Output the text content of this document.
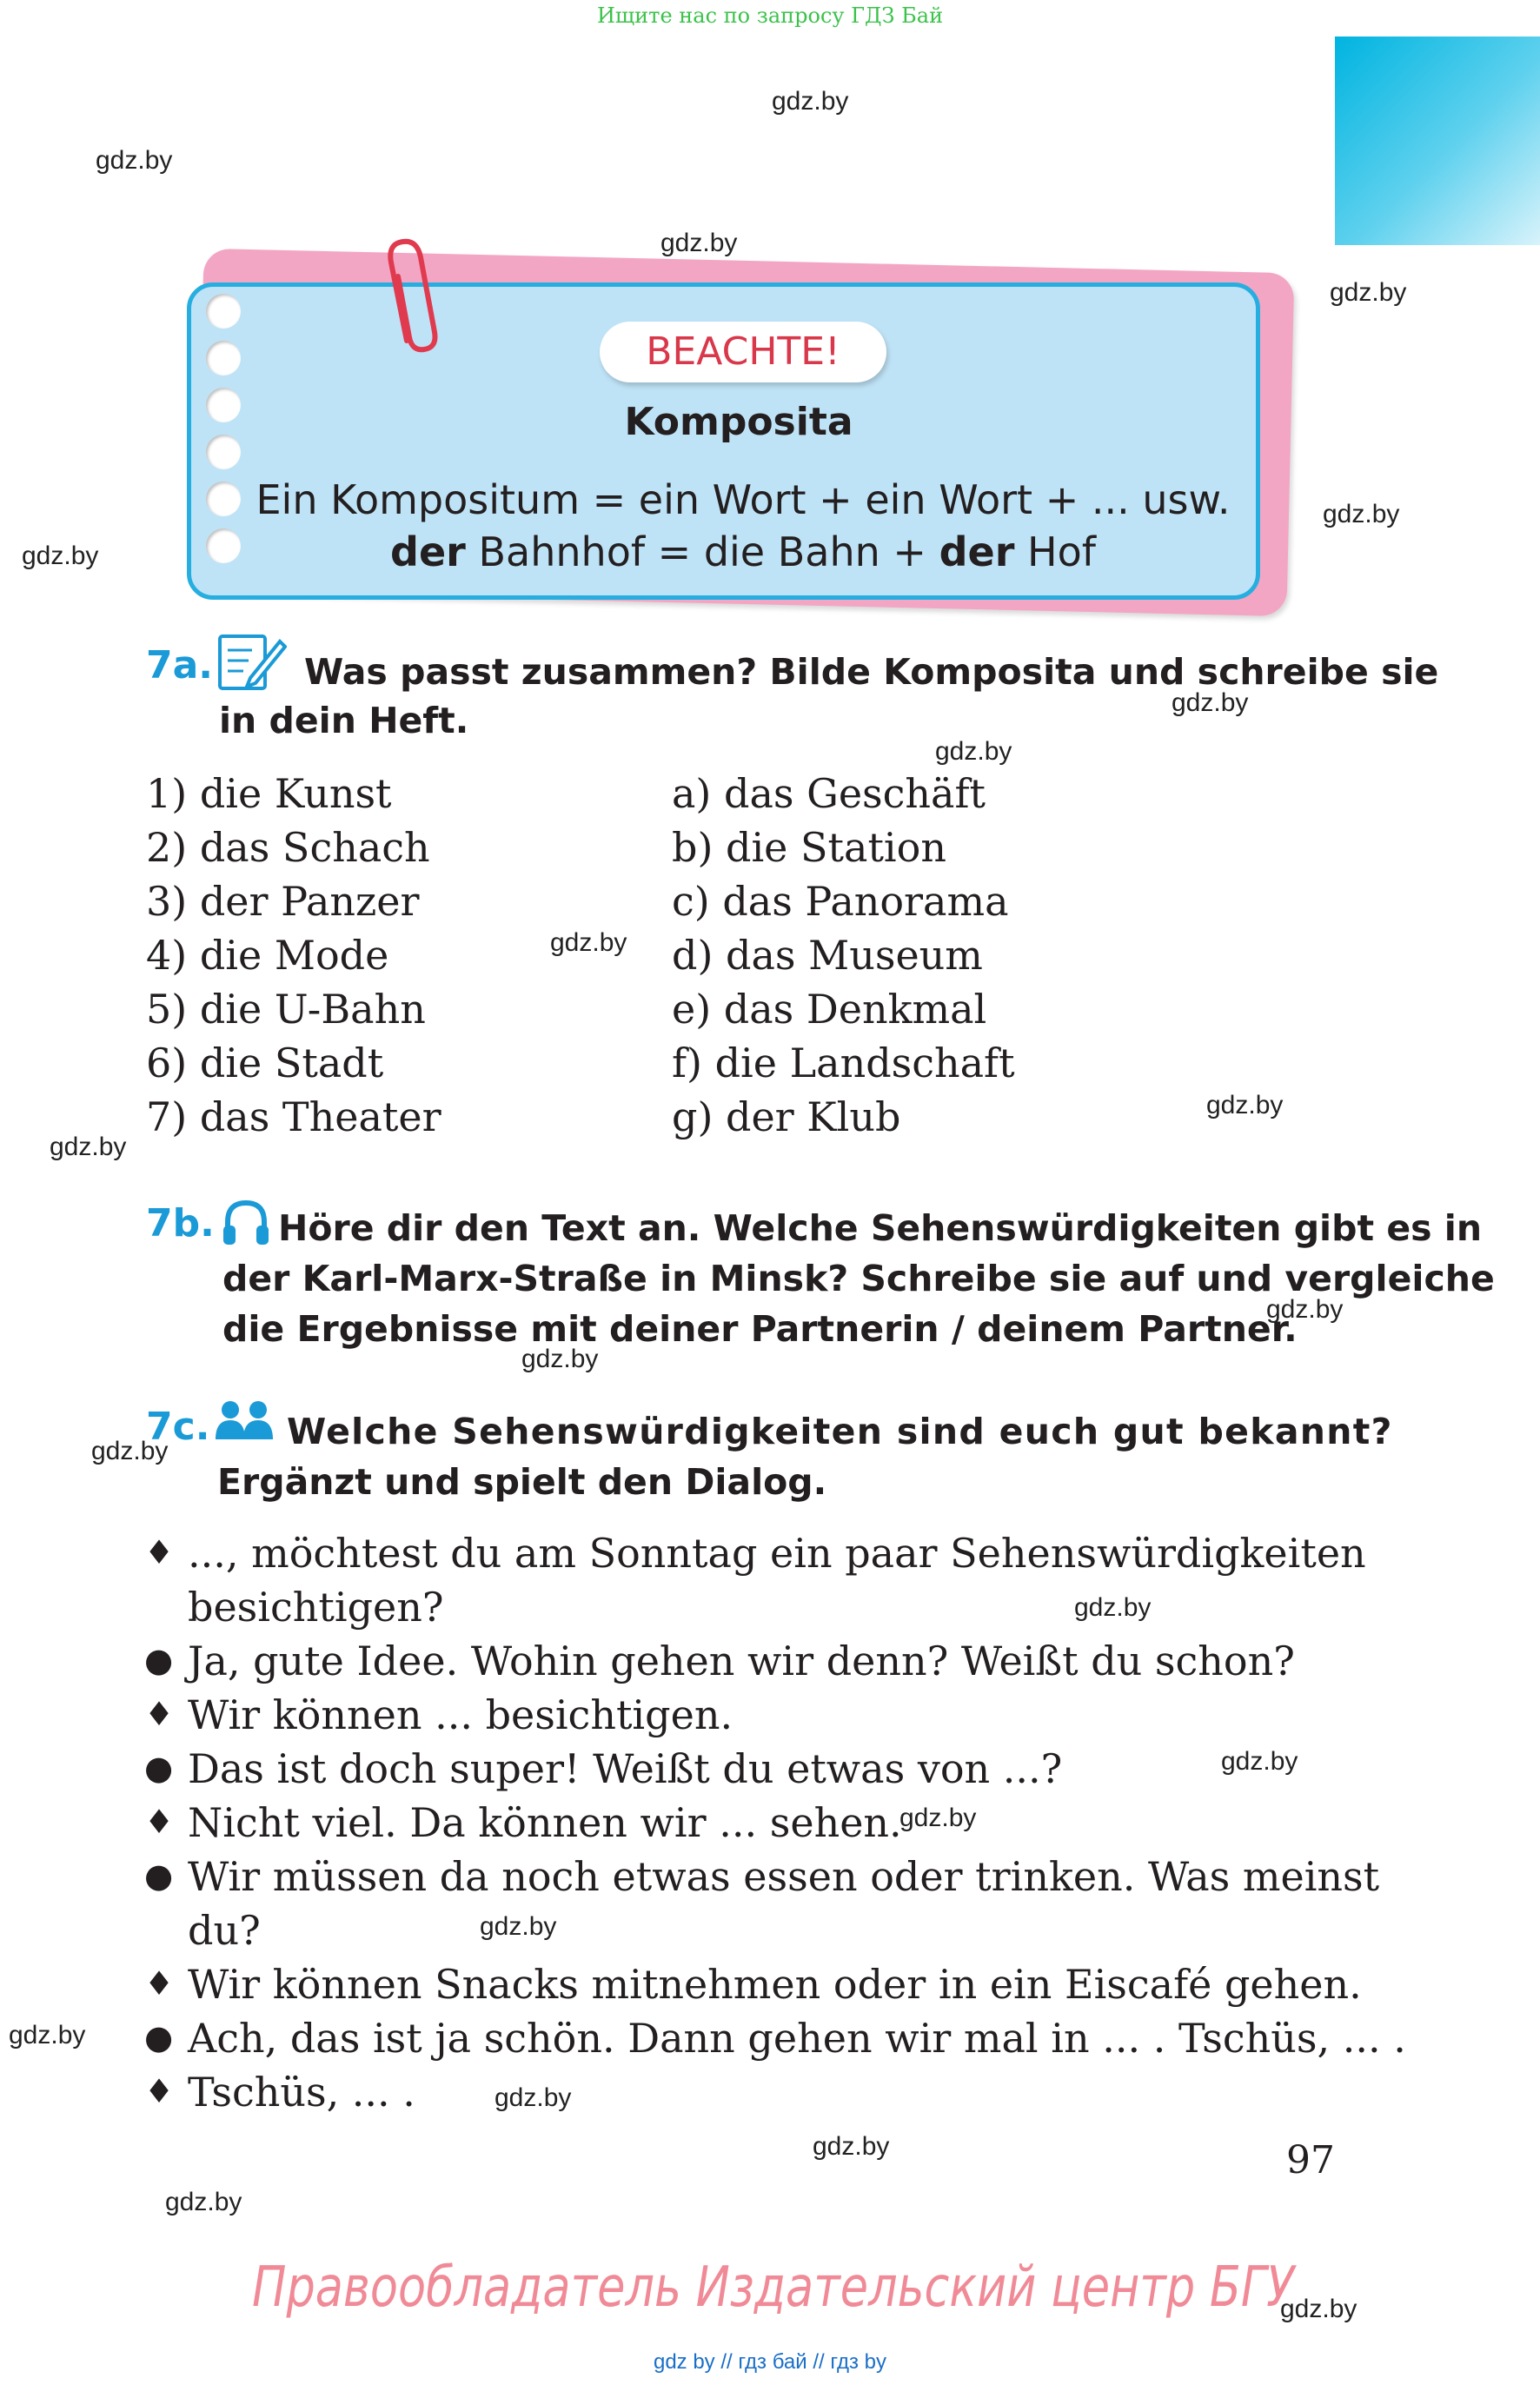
Ищите нас по запросу ГДЗ Бай
gdz.by
gdz.by
gdz.by
gdz.by
gdz.by
gdz.by
gdz.by
gdz.by
gdz.by
gdz.by
gdz.by
gdz.by
gdz.by
gdz.by
gdz.by
gdz.by
gdz.by
gdz.by
gdz.by
gdz.by
gdz.by
gdz.by
gdz.by
BEACHTE!
Komposita
Ein Kompositum = ein Wort + ein Wort + ... usw.
der Bahnhof = die Bahn + der Hof
7a.	Was passt zusammen? Bilde Komposita und schreibe sie
in dein Heft.
1) die Kunst
2) das Schach
3) der Panzer
4) die Mode
5) die U-Bahn
6) die Stadt
7) das Theater
a) das Geschäft
b) die Station
c) das Panorama
d) das Museum
e) das Denkmal
f) die Landschaft
g) der Klub
7b. Höre dir den Text an. Welche Sehenswürdigkeiten gibt es in
der Karl-Marx-Straße in Minsk? Schreibe sie auf und vergleiche
die Ergebnisse mit deiner Partnerin / deinem Partner.
7c. Welche Sehenswürdigkeiten sind euch gut bekannt?
Ergänzt und spielt den Dialog.
♦ ..., möchtest du am Sonntag ein paar Sehenswürdigkeiten
besichtigen?
● Ja, gute Idee. Wohin gehen wir denn? Weißt du schon?
♦ Wir können ... besichtigen.
● Das ist doch super! Weißt du etwas von ...?
♦ Nicht viel. Da können wir ... sehen.
● Wir müssen da noch etwas essen oder trinken. Was meinst
du?
♦ Wir können Snacks mitnehmen oder in ein Eiscafé gehen.
● Ach, das ist ja schön. Dann gehen wir mal in ... . Tschüs, ... .
♦ Tschüs, ... .
97
Правообладатель Издательский центр БГУ
gdz by // гдз бай // гдз by
